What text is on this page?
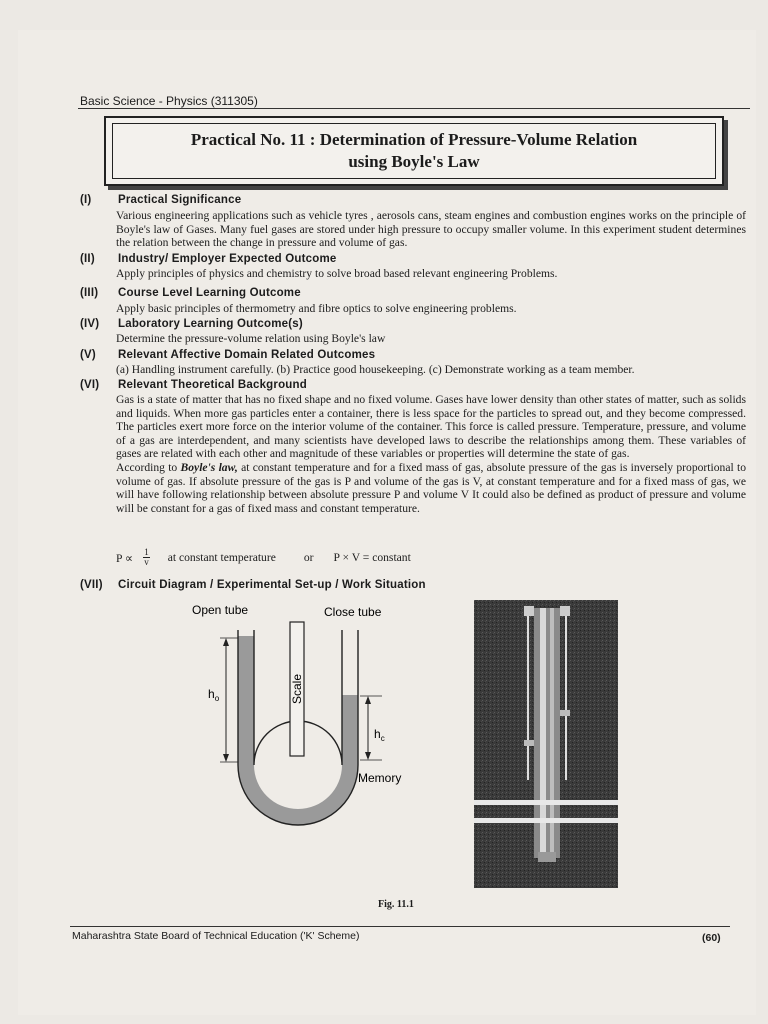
Basic Science - Physics (311305)
Practical No. 11 : Determination of Pressure-Volume Relation
using Boyle's Law
(I) Practical Significance

Various engineering applications such as vehicle tyres , aerosols cans, steam engines and combustion engines works on the principle of Boyle's law of Gases. Many fuel gases are stored under high pressure to occupy smaller volume. In this experiment student determines the relation between the change in pressure and volume of gas.

(II) Industry/ Employer Expected Outcome

Apply principles of physics and chemistry to solve broad based relevant engineering Problems.

(III) Course Level Learning Outcome

Apply basic principles of thermometry and fibre optics to solve engineering problems.

(IV) Laboratory Learning Outcome(s)

Determine the pressure-volume relation using Boyle's law

(V) Relevant Affective Domain Related Outcomes

(a) Handling instrument carefully. (b) Practice good housekeeping. (c) Demonstrate working as a team member.

(VI) Relevant Theoretical Background

Gas is a state of matter that has no fixed shape and no fixed volume. Gases have lower density than other states of matter, such as solids and liquids. When more gas particles enter a container, there is less space for the particles to spread out, and they become compressed. The particles exert more force on the interior volume of the container. This force is called pressure. Temperature, pressure, and volume of a gas are interdependent, and many scientists have developed laws to describe the relationships among them. These variables of gases are related with each other and magnitude of these variables or properties will determine the state of gas.

According to Boyle's law, at constant temperature and for a fixed mass of gas, absolute pressure of the gas is inversely proportional to volume of gas. If absolute pressure of the gas is P and volume of the gas is V, at constant temperature and for a fixed mass of gas, we will have following relationship between absolute pressure P and volume V It could also be defined as product of pressure and volume will be constant for a gas of fixed mass and constant temperature.

$P \propto \frac{1}{v}$ at constant temperature or P × V = constant
(VII) Circuit Diagram / Experimental Set-up / Work Situation
Scale
$h_o$
$h_c$
Open tube	Close tube
Memory
Fig. 11.1
Maharashtra State Board of Technical Education ('K' Scheme)	(60)
